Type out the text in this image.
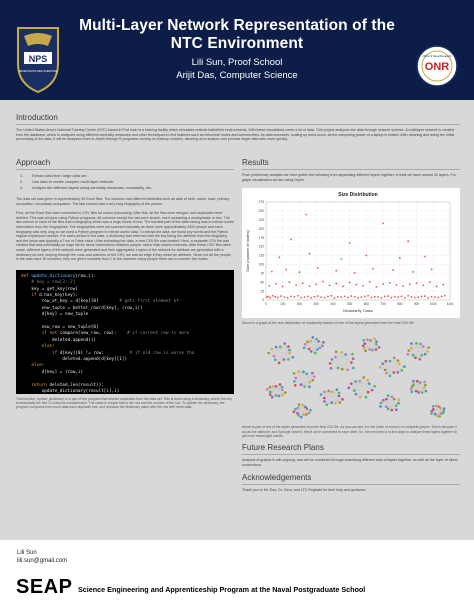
NPS
PRAESTANTIA PER SCIENTIAM
Multi-Layer Network Representation of the NTC Environment
Lili Sun, Proof School
Arijit Das, Computer Science
ONR
Office of Naval Research
Introduction
The United States Army's National Training Center (NTC) based in Fort Irwin is a training facility which simulates realistic battlefield environments. With these simulations come a lot of data. This project analyzes the data through network science. A multilayer network is created from the database, which is analyzed using different centrality measures and other techniques to find features such as influential nodes and communities. As data increases, scaling up must occur, as the computing power of a laptop is limited. After cleaning and doing the initial processing of the data, it will be analyzed more in-depth through R programs running on Hadoop clusters, allowing us to analyze and process larger data sets more quickly.
Approach
1. Extract data from large data set.
2. Use data to create complex multi-layer network.
3. Analyze the different layers using centrality measures, modularity, etc.
The data set was given in approximately 40 Excel files. The columns had different attributes such as date of birth, name, town, primary occupation, secondary occupation. The last column had a very long biography of the person.
First, all the Excel files were converted to CSV files for easier processing. After this, all the files were merged, and duplicates were deleted. This was all done using Python programs. All columns except the last were simple, each containing a word/phrase or two. The last column in each of the files was a biography which was a huge chunk of text. The hardest part of the data mining was to extract useful information from the biographies. The biographies were not scanned manually as there were approximately 3000 people and each biography was very long so we used a Python program to extract useful data. To extract the data, we found key words and the Python regular expression module. For each person in the data, a dictionary was returned with the key being the attribute from the biography and the value was typically a True or False value. After extracting the data, a new CSV file was created. Next, a separate CSV file was created that was essentially an edge list for direct connections between people, rather than shared interests. After these CSV files were made, different layers of the network were generated and then aggregated. Layers of the network for attribute are generated with a dictionary as well, looping through the rows and columns of the CSV, we add an edge if they share an attribute. Since not all the people in the data have ID numbers, they are given numbers from 1 to the however many people there are to number the nodes.
def update_dictionary(row,i):
# key = row[3:-2]
key = get_key(row)
if d.has_key(key):
row_at_key = d[key][0]        # gets first element of
new_tuple = better_row(d[key], (row,i))
d[key] = new_tuple

new_row = new_tuple[0]
if not compare(new_row, row):    # if current row is more
deleted.append(i)
else:
if d[key][0] != row:          # if old row is worse tha
deleted.append(d[key][1])
else:
d[key] = (row,i)

return deleted,len(result)):
update_dictionary(result[i],i)
This function, update_dictionary, is a part of the program that renews duplicates from the data set. This is done using a dictionary, where the key is essentially the last 10 columns concatenated. The value is a tuple that is the row and the number of the row. To update the dictionary, the program compares how much data each duplicate has, and replaces the dictionary value with the row with more data.
Results
From preliminary analysis we have gotten the following from appending different layers together, in total we have around 40 layers. For graph visualization we are using Gephi.
Size Distribution
0
25
50
75
100
125
150
175
200
225
250
275
0	100	200	300	400	500	600	700	800	900	1000	1100
Modularity Class
Size (number of nodes)
Above is a graph of the size distribution of modularity classes of one of the layers generated from the final CSV file.
Above is part of one of the layers generated from the final CSV file. As you can see, it is the union of a bunch of complete graphs. This is because it is just one attribute, and if people share it, they'll all be connected to each other. So, the next step is to find ways to analyze these layers together to get more meaningful results.
Future Research Plans
Analysis of graphs is still ongoing, and will be continued through examining different sets of layers together, as well as the layer of direct connections.
Acknowledgements
Thank you to Mr. Das, Dr. Gera, and LTC Roginski for their help and guidance.
Lili Sun
lili.sun@gmail.com
SEAP Science Engineering and Apprenticeship Program at the Naval Postgraduate School
